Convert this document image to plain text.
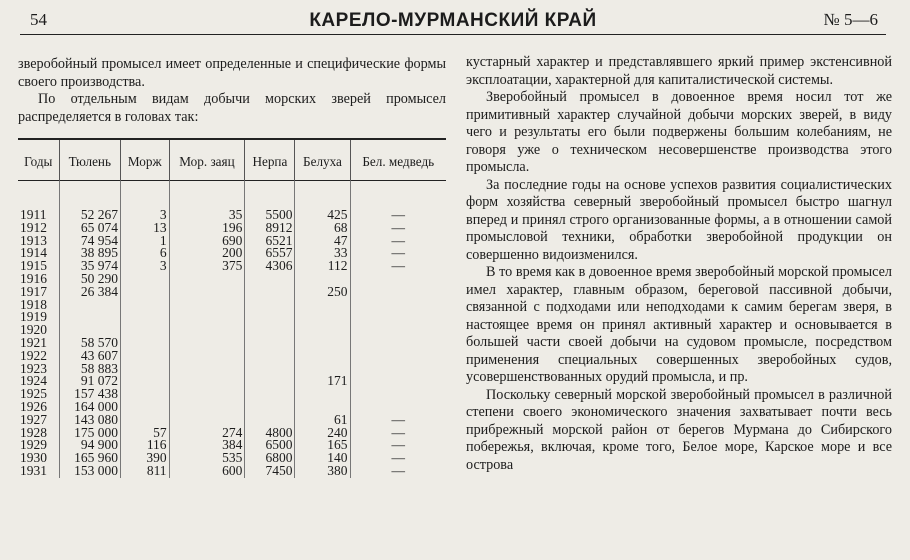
54	КАРЕЛО-МУРМАНСКИЙ КРАЙ	№ 5—6

зверобойный промысел имеет определенные и специфические формы своего производства.

По отдельным видам добычи морских зверей промысел распределяется в головах так:

Годы	Тюлень	Морж	Мор. заяц	Нерпа	Белуха	Бел. медведь
1911	52 267	3	35	5500	425	—
1912	65 074	13	196	8912	68	—
1913	74 954	1	690	6521	47	—
1914	38 895	6	200	6557	33	—
1915	35 974	3	375	4306	112	—
1916	50 290					
1917	26 384				250	
1918						
1919						
1920						
1921	58 570					
1922	43 607					
1923	58 883					
1924	91 072				171	
1925	157 438					
1926	164 000					
1927	143 080				61	—
1928	175 000	57	274	4800	240	—
1929	94 900	116	384	6500	165	—
1930	165 960	390	535	6800	140	—
1931	153 000	811	600	7450	380	—

кустарный характер и представлявшего яркий пример экстенсивной эксплоатации, характерной для капиталистической системы.

Зверобойный промысел в довоенное время носил тот же примитивный характер случайной добычи морских зверей, в виду чего и результаты его были подвержены большим колебаниям, не говоря уже о техническом несовершенстве производства этого промысла.

За последние годы на основе успехов развития социалистических форм хозяйства северный зверобойный промысел быстро шагнул вперед и принял строго организованные формы, а в отношении самой промысловой техники, обработки зверобойной продукции он совершенно видоизменился.

В то время как в довоенное время зверобойный морской промысел имел характер, главным образом, береговой пассивной добычи, связанной с подходами или неподходами к самим берегам зверя, в настоящее время он принял активный характер и основывается в большей части своей добычи на судовом промысле, посредством применения специальных совершенных зверобойных судов, усовершенствованных орудий промысла, и пр.

Поскольку северный морской зверобойный промысел в различной степени своего экономического значения захватывает почти весь прибрежный морской район от берегов Мурмана до Сибирского побережья, включая, кроме того, Белое море, Карское море и все острова
